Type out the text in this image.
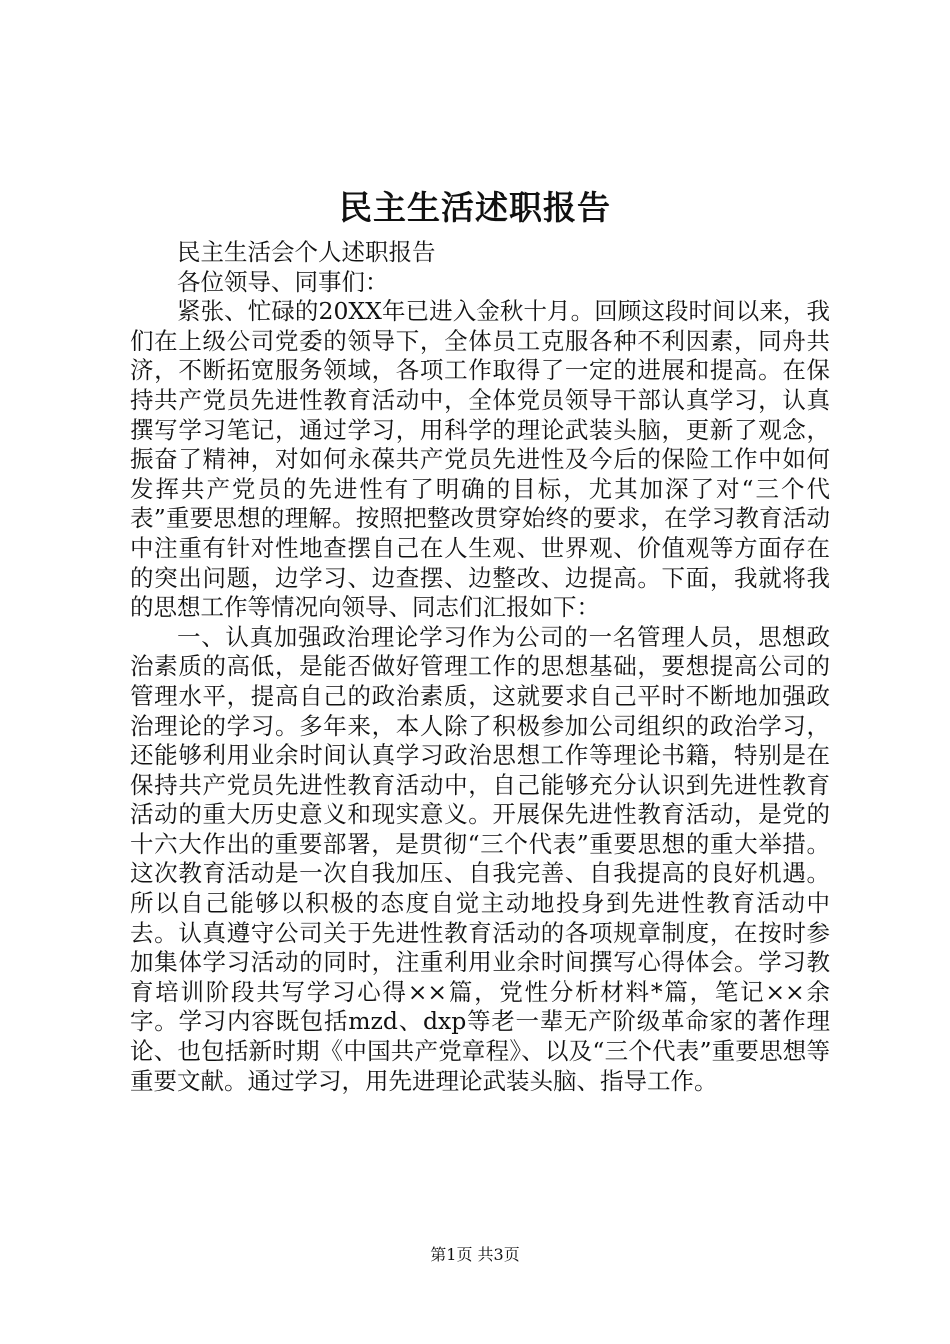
民主生活述职报告

民主生活会个人述职报告

各位领导、同事们：

紧张、忙碌的20XX年已进入金秋十月。回顾这段时间以来，我们在上级公司党委的领导下，全体员工克服各种不利因素，同舟共济，不断拓宽服务领域，各项工作取得了一定的进展和提高。在保持共产党员先进性教育活动中，全体党员领导干部认真学习，认真撰写学习笔记，通过学习，用科学的理论武装头脑，更新了观念，振奋了精神，对如何永葆共产党员先进性及今后的保险工作中如何发挥共产党员的先进性有了明确的目标，尤其加深了对“三个代表”重要思想的理解。按照把整改贯穿始终的要求，在学习教育活动中注重有针对性地查摆自己在人生观、世界观、价值观等方面存在的突出问题，边学习、边查摆、边整改、边提高。下面，我就将我的思想工作等情况向领导、同志们汇报如下：

一、认真加强政治理论学习作为公司的一名管理人员，思想政治素质的高低，是能否做好管理工作的思想基础，要想提高公司的管理水平，提高自己的政治素质，这就要求自己平时不断地加强政治理论的学习。多年来，本人除了积极参加公司组织的政治学习，还能够利用业余时间认真学习政治思想工作等理论书籍，特别是在保持共产党员先进性教育活动中，自己能够充分认识到先进性教育活动的重大历史意义和现实意义。开展保先进性教育活动，是党的十六大作出的重要部署，是贯彻“三个代表”重要思想的重大举措。这次教育活动是一次自我加压、自我完善、自我提高的良好机遇。所以自己能够以积极的态度自觉主动地投身到先进性教育活动中去。认真遵守公司关于先进性教育活动的各项规章制度，在按时参加集体学习活动的同时，注重利用业余时间撰写心得体会。学习教育培训阶段共写学习心得××篇，党性分析材料*篇，笔记××余字。学习内容既包括mzd、dxp等老一辈无产阶级革命家的著作理论、也包括新时期《中国共产党章程》、以及“三个代表”重要思想等重要文献。通过学习，用先进理论武装头脑、指导工作。

第1页 共3页
